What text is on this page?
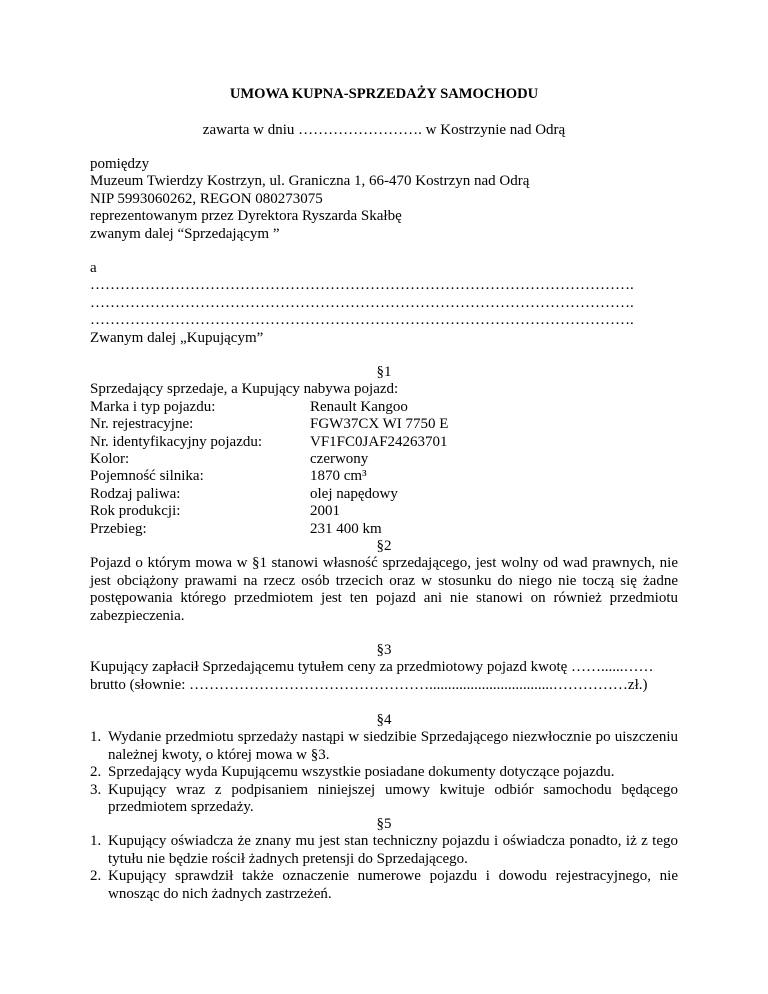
UMOWA KUPNA-SPRZEDAŻY SAMOCHODU
zawarta w dniu ……………………. w Kostrzynie nad Odrą
pomiędzy
Muzeum Twierdzy Kostrzyn, ul. Graniczna 1, 66-470 Kostrzyn nad Odrą
NIP 5993060262, REGON 080273075
reprezentowanym przez Dyrektora Ryszarda Skałbę
zwanym dalej “Sprzedającym ”
a
……………………………………………………………………………………………….
……………………………………………………………………………………………….
……………………………………………………………………………………………….
Zwanym dalej „Kupującym”
§1
Sprzedający sprzedaje, a Kupujący nabywa pojazd:
Marka i typ pojazdu:	Renault Kangoo
Nr. rejestracyjne:	FGW37CX WI 7750 E
Nr. identyfikacyjny pojazdu:	VF1FC0JAF24263701
Kolor:	czerwony
Pojemność silnika:	1870 cm³
Rodzaj paliwa:	olej napędowy
Rok produkcji:	2001
Przebieg:	231 400 km
§2
Pojazd o którym mowa w §1 stanowi własność sprzedającego, jest wolny od wad prawnych, nie jest obciążony prawami na rzecz osób trzecich oraz w stosunku do niego nie toczą się żadne postępowania którego przedmiotem jest ten pojazd ani nie stanowi on również przedmiotu zabezpieczenia.
§3
Kupujący zapłacił Sprzedającemu tytułem ceny za przedmiotowy pojazd kwotę ……......……
brutto (słownie: ………………………………………….................................……………zł.)
§4
1. Wydanie przedmiotu sprzedaży nastąpi w siedzibie Sprzedającego niezwłocznie po uiszczeniu należnej kwoty, o której mowa w §3.
2. Sprzedający wyda Kupującemu wszystkie posiadane dokumenty dotyczące pojazdu.
3. Kupujący wraz z podpisaniem niniejszej umowy kwituje odbiór samochodu będącego przedmiotem sprzedaży.
§5
1. Kupujący oświadcza że znany mu jest stan techniczny pojazdu i oświadcza ponadto, iż z tego tytułu nie będzie rościł żadnych pretensji do Sprzedającego.
2. Kupujący sprawdził także oznaczenie numerowe pojazdu i dowodu rejestracyjnego, nie wnosząc do nich żadnych zastrzeżeń.
